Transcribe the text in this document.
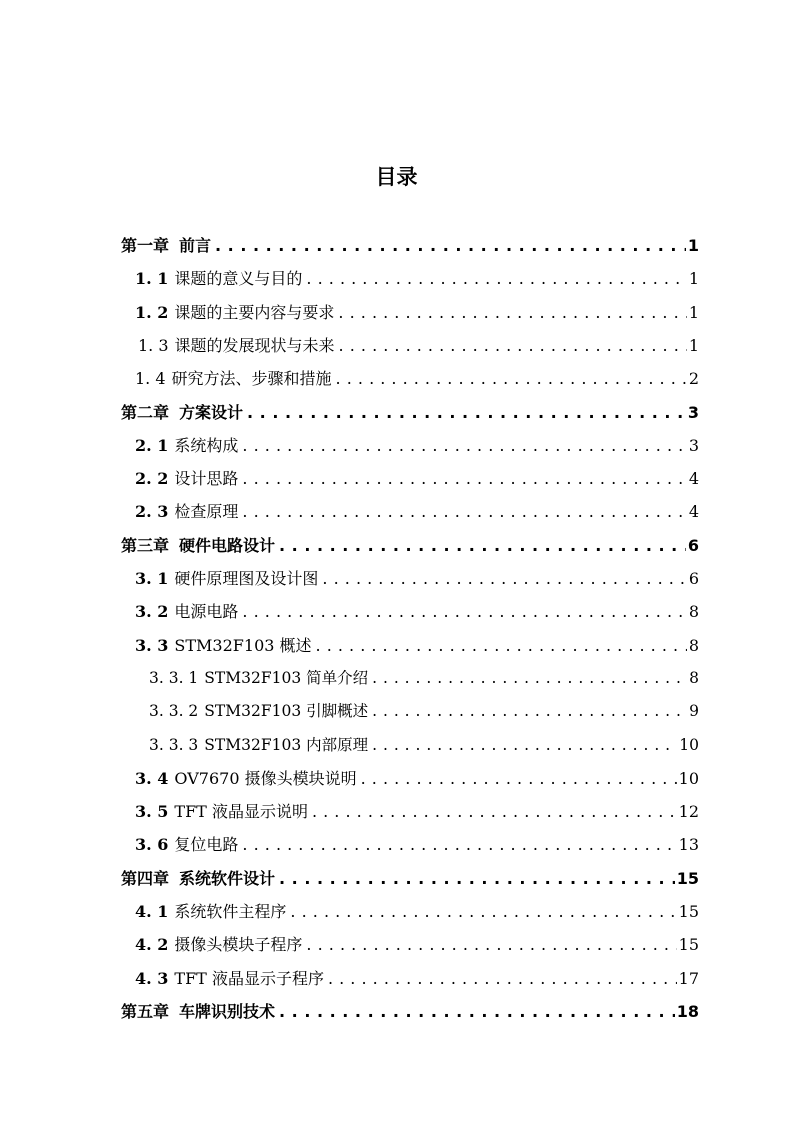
目录
第一章 前言 . . .	1
1. 1 课题的意义与目的 . . .	1
1. 2 课题的主要内容与要求 . . .	1
1. 3 课题的发展现状与未来 . . .	1
1. 4 研究方法、步骤和措施 . . .	2
第二章 方案设计 . . .	3
2. 1 系统构成 . . .	3
2. 2 设计思路 . . .	4
2. 3 检查原理 . . .	4
第三章 硬件电路设计 . . .	6
3. 1 硬件原理图及设计图 . . .	6
3. 2 电源电路 . . .	8
3. 3 STM32F103 概述 . . .	8
3. 3. 1 STM32F103 简单介绍 . . .	8
3. 3. 2 STM32F103 引脚概述 . . .	9
3. 3. 3 STM32F103 内部原理 . . .	10
3. 4 OV7670 摄像头模块说明 . . .	10
3. 5 TFT 液晶显示说明 . . .	12
3. 6 复位电路 . . .	13
第四章 系统软件设计 . . .	15
4. 1 系统软件主程序 . . .	15
4. 2 摄像头模块子程序 . . .	15
4. 3 TFT 液晶显示子程序 . . .	17
第五章 车牌识别技术 . . .	18
